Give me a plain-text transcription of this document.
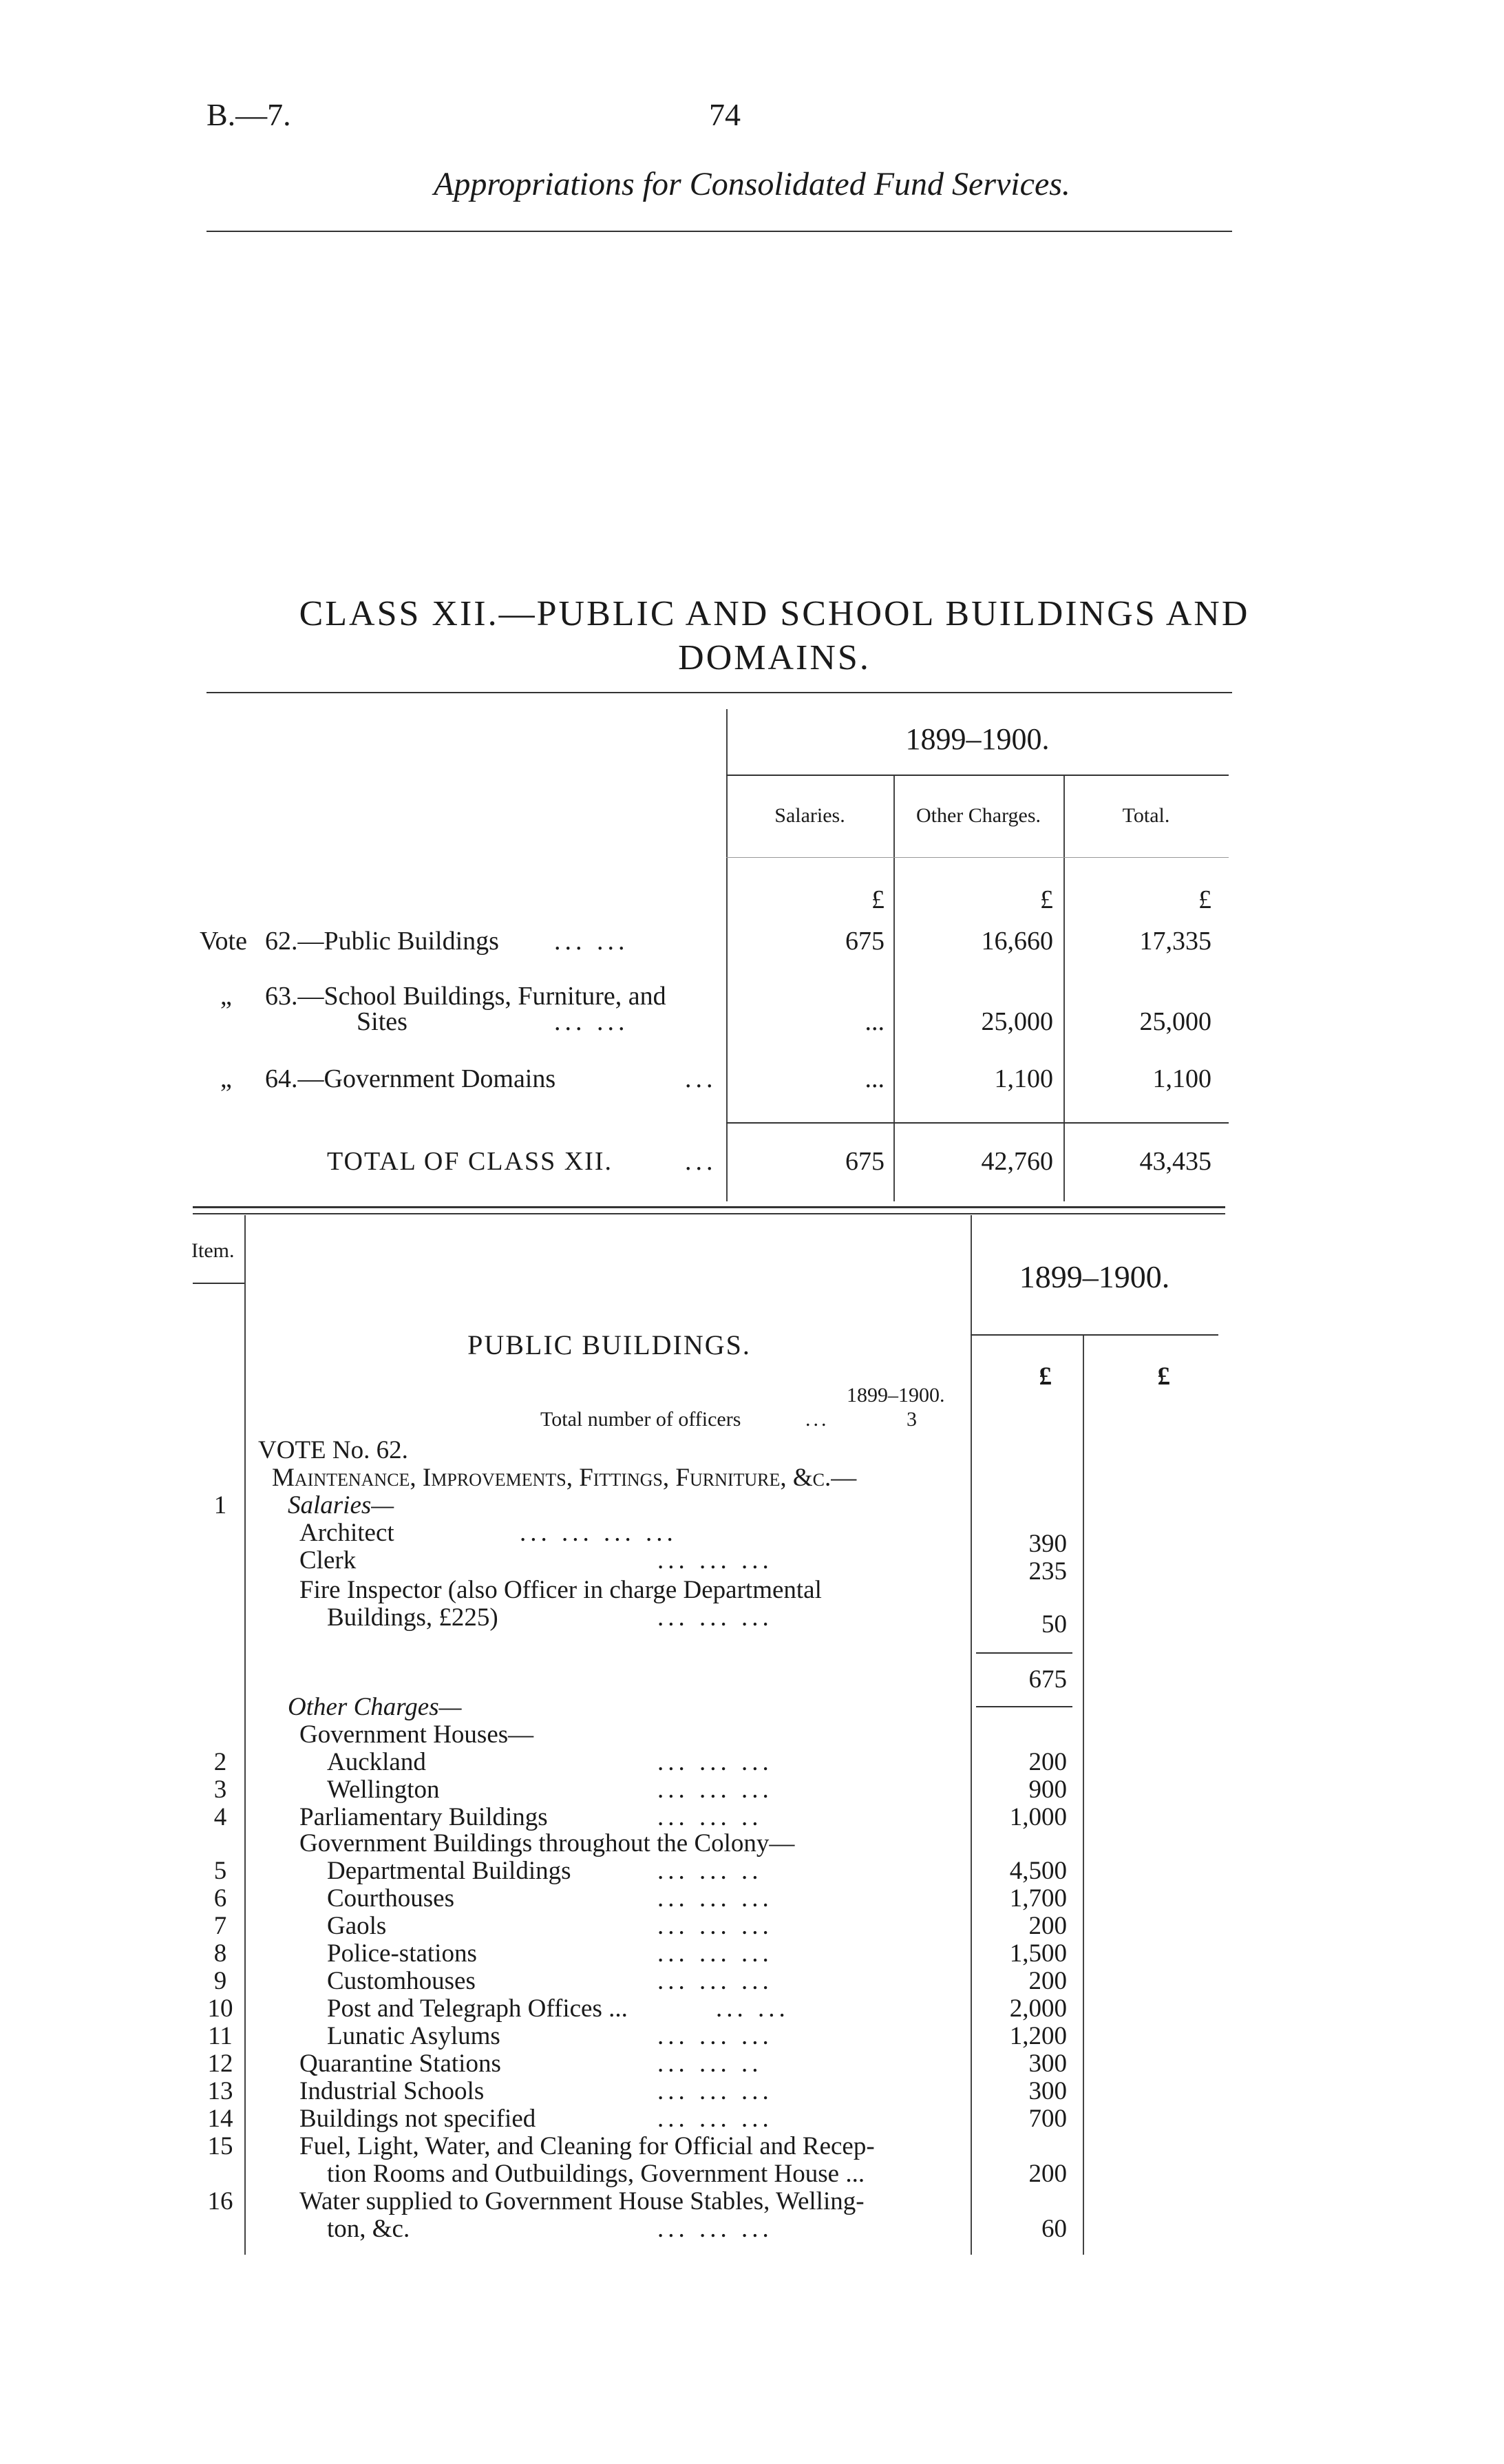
B.—7.	74
Appropriations for Consolidated Fund Services.
CLASS XII.—PUBLIC AND SCHOOL BUILDINGS AND
DOMAINS.
1899–1900.
Salaries.	Other Charges.	Total.
£	£	£
Vote 62.—Public Buildings ... ...	675	16,660	17,335
„ 63.—School Buildings, Furniture, and
Sites	... ...	...	25,000	25,000
„ 64.—Government Domains	...	...	1,100	1,100
TOTAL OF CLASS XII.	...	675	42,760	43,435
Item.
1899–1900.
£	£
PUBLIC BUILDINGS.
1899–1900.
Total number of officers	...	3
VOTE No. 62.
Maintenance, Improvements, Fittings, Furniture, &c.—
1	Salaries—
Architect	... ... ... ...	390
Clerk	... ... ...	235
Fire Inspector (also Officer in charge Departmental
Buildings, £225)	... ... ...	50
675
Other Charges—
Government Houses—
2	Auckland	... ... ...	200
3	Wellington	... ... ...	900
4	Parliamentary Buildings	... ... ..	1,000
Government Buildings throughout the Colony—
5	Departmental Buildings	... ... ..	4,500
6	Courthouses	... ... ...	1,700
7	Gaols	... ... ...	200
8	Police-stations	... ... ...	1,500
9	Customhouses	... ... ...	200
10	Post and Telegraph Offices ...	... ...	2,000
11	Lunatic Asylums	... ... ...	1,200
12	Quarantine Stations	... ... ..	300
13	Industrial Schools	... ... ...	300
14	Buildings not specified	... ... ...	700
15	Fuel, Light, Water, and Cleaning for Official and Recep-
tion Rooms and Outbuildings, Government House ...	200
16	Water supplied to Government House Stables, Welling-
ton, &c.	... ... ...	60
